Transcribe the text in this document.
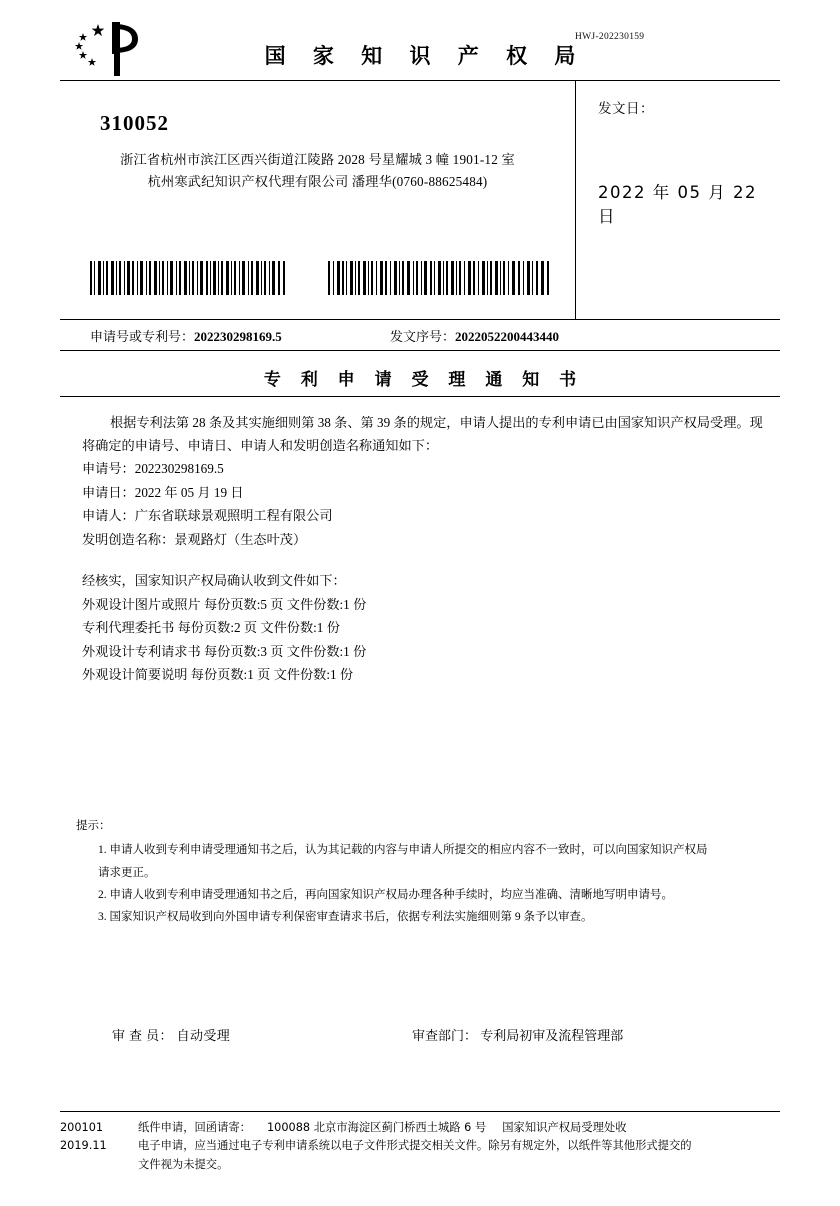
HWJ-202230159
国 家 知 识 产 权 局
310052
浙江省杭州市滨江区西兴街道江陵路 2028 号星耀城 3 幢 1901-12 室
杭州寒武纪知识产权代理有限公司 潘理华(0760-88625484)
发文日：
2022 年 05 月 22 日
申请号或专利号：202230298169.5	发文序号：2022052200443440
专 利 申 请 受 理 通 知 书
根据专利法第 28 条及其实施细则第 38 条、第 39 条的规定，申请人提出的专利申请已由国家知识产权局受理。现将确定的申请号、申请日、申请人和发明创造名称通知如下：
申请号：202230298169.5
申请日：2022 年 05 月 19 日
申请人：广东省联球景观照明工程有限公司
发明创造名称：景观路灯（生态叶茂）
经核实，国家知识产权局确认收到文件如下：
外观设计图片或照片 每份页数:5 页 文件份数:1 份
专利代理委托书 每份页数:2 页 文件份数:1 份
外观设计专利请求书 每份页数:3 页 文件份数:1 份
外观设计简要说明 每份页数:1 页 文件份数:1 份
提示：
1. 申请人收到专利申请受理通知书之后，认为其记载的内容与申请人所提交的相应内容不一致时，可以向国家知识产权局
请求更正。
2. 申请人收到专利申请受理通知书之后，再向国家知识产权局办理各种手续时，均应当准确、清晰地写明申请号。
3. 国家知识产权局收到向外国申请专利保密审查请求书后，依据专利法实施细则第 9 条予以审查。
审 查 员： 自动受理	审查部门： 专利局初审及流程管理部
200101
2019.11
纸件申请，回函请寄： 100088 北京市海淀区蓟门桥西土城路 6 号 国家知识产权局受理处收
电子申请，应当通过电子专利申请系统以电子文件形式提交相关文件。除另有规定外，以纸件等其他形式提交的
文件视为未提交。
